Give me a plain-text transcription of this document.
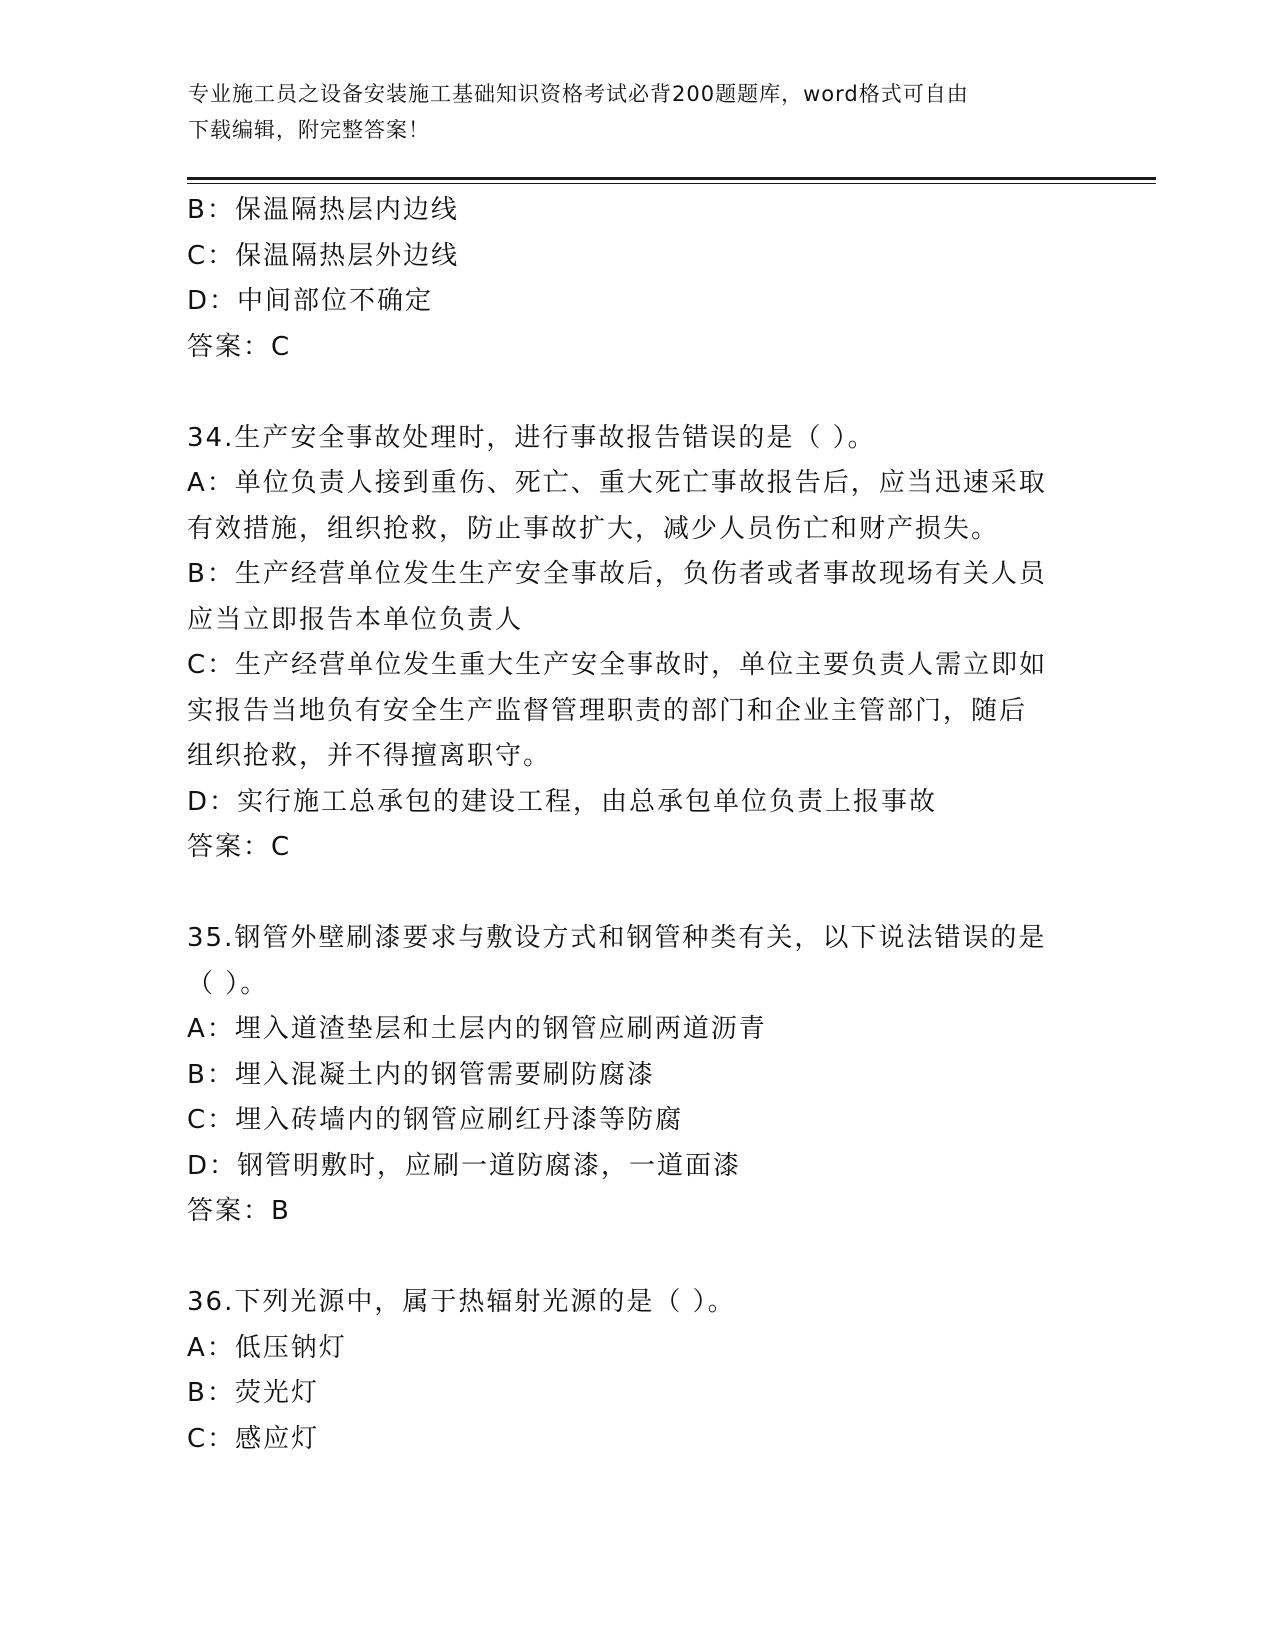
专业施工员之设备安装施工基础知识资格考试必背200题题库，word格式可自由
下载编辑，附完整答案！

B：保温隔热层内边线

C：保温隔热层外边线

D：中间部位不确定

答案：C

34.生产安全事故处理时，进行事故报告错误的是（ ）。

A：单位负责人接到重伤、死亡、重大死亡事故报告后，应当迅速采取

有效措施，组织抢救，防止事故扩大，减少人员伤亡和财产损失。

B：生产经营单位发生生产安全事故后，负伤者或者事故现场有关人员

应当立即报告本单位负责人

C：生产经营单位发生重大生产安全事故时，单位主要负责人需立即如

实报告当地负有安全生产监督管理职责的部门和企业主管部门，随后

组织抢救，并不得擅离职守。

D：实行施工总承包的建设工程，由总承包单位负责上报事故

答案：C

35.钢管外壁刷漆要求与敷设方式和钢管种类有关，以下说法错误的是

（ ）。

A：埋入道渣垫层和土层内的钢管应刷两道沥青

B：埋入混凝土内的钢管需要刷防腐漆

C：埋入砖墙内的钢管应刷红丹漆等防腐

D：钢管明敷时，应刷一道防腐漆，一道面漆

答案：B

36.下列光源中，属于热辐射光源的是（ ）。

A：低压钠灯

B：荧光灯

C：感应灯
